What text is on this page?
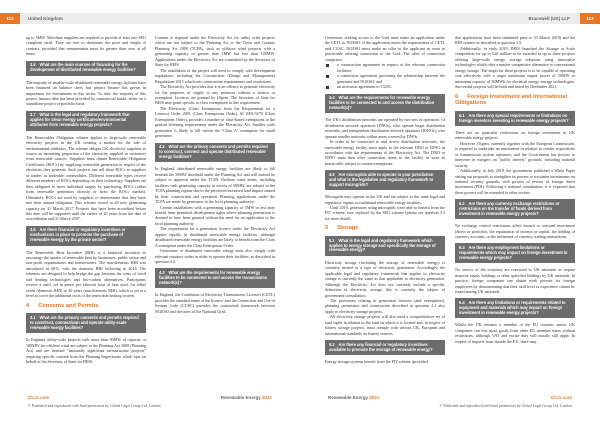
112	United Kingdom	Bracewell (UK) LLP	113

up to 5MW. Merchant suppliers are required to provide at least one SEG compliant tariff. They are free to determine the price and length of contract, provided that remuneration must be greater than zero at all times.

3.6 What are the main sources of financing for the development of distributed renewable energy facilities?

The majority of smaller-scale distributed renewable energy facilities have been financed on balance sheet, but project finance has grown in importance for investments in this sector. To date, the majority of this project finance debt has been provided by commercial banks, either on a standalone project or portfolio basis.

3.7 What is the legal and regulatory framework that applies for clean energy certificates/environmental attributes from renewable energy projects?

The Renewables Obligation scheme applies to large-scale renewable electricity projects in the UK creating a market for the sale of environmental attributes. The scheme obliges UK electricity suppliers to source an increasing proportion of the electricity supplied to customers from renewable sources. Suppliers must obtain Renewable Obligation Certificates (ROCs) by supplying renewable generation in respect of the electricity they generate. Such projects can sell these ROCs to suppliers or traders as tradeable commodities. Different renewable types receive different numbers of ROCs depending on their technology. Suppliers are then obligated to meet individual targets by purchasing ROCs (either from renewable generators directly or from the ROCs market). Ultimately, ROCs are used by suppliers to demonstrate that they have met their annual obligation. This scheme closed to all new generating capacity on 31 March 2017. Projects that have been accredited before this date will be supported until the earlier of 20 years from the date of accreditation and 31 March 2037.

3.8 Are there financial or regulatory incentives or mechanisms in place to promote the purchase of renewable energy by the private sector?

The Renewable Heat Incentive (RHI) is a financial incentive to encourage the uptake of renewable heat by businesses, public sector and non-profit organisations and homeowners. The non-domestic RHI was introduced in 2011, with the domestic RHI following in 2014. The schemes are designed to help bridge the gap between the costs of fossil fuel heating technologies and low-carbon alternatives. Participants receive a tariff, set in pence per kilowatt hour of heat used, for either seven (domestic RHI) or 20 years (non-domestic RHI), which is set at a level to cover the additional costs of the renewable heating system.

4 Consents and Permits
4.1 What are the primary consents and permits required to construct, connect/own and operate utility-scale renewable energy facilities?

In England, utility-scale projects with more than 50MW of capacity or 100MW for offshore wind are subject to the Planning Act 2008 (Planning Act) and are deemed "nationally significant infrastructure projects" requiring specific consent from the Planning Inspectorate which opts on behalf of the Secretary of State for BEIS.

Consent is required under the Electricity Act for utility scale projects which are not subject to the Planning Act or the Town and Country Planning Act 1990 (TCPA), such as offshore wind projects with a generating capacity of greater than 1MW but less than 100MW. Applications under the Electricity Act are considered by the Secretary of State for BEIS.

The installation of the project will need to comply with development regulations, including the Construction (Design and Management) Regulations 2015 which sets construction requirements and restrictions.

The Electricity Act provides that it is an offence to generate electricity for the purposes of supply to any premises without a licence or exemption. Licences are granted by Ofgem. The Secretary of State for BEIS may grant specific or class exemptions to this requirement.

The Electricity (Class Exemptions from the Requirement for a Licence) Order 2001 (Class Exemptions Order), SI 2001/3270 (Class Exemptions Order), provides a number of class-based exemptions to the general licensing requirements under the Electricity Act. Smaller scale generation is likely to fall within the "Class A" exemption for small generators.

4.2 What are the primary consents and permits required to construct, connect and operate distributed renewable energy facilities?

In England, distributed renewable energy facilities are likely to fall beneath the 50MW threshold under the Planning Act and will instead be subject to approval under the TCPA. Onshore wind farms, including facilities with generating capacity in excess of 50MW, are subject to the TCPA planning regime due to the perceived increased land impact caused by their construction and operation. Planning applications under the TCPA are made by generators to the local planning authority.

Certain installations with a generating capacity of 5MW or less may benefit from permitted development rights where planning permission is deemed to have been granted without the need for an application to the local planning authority.

The requirement for a generation licence under the Electricity Act applies equally to distributed renewable energy facilities, although distributed renewable energy facilities are likely to benefit from the Class A exemption under the Class Exemptions Order.

Generators of distributed renewable energy must also comply with relevant statutory codes in order to operate their facilities, as described in question 4.4.

4.3 What are the requirements for renewable energy facilities to be connected to and access the transmission network(s)?

In England, the Conditions of Electricity Transmission Licences (CETL) provides the standard terms of the licence, and the Connection and Use of System Code (CUSC) provides the contractual framework between NGESO and the users of the National Grid.

Generators seeking access to the Grid must make an application under the CETL to NGESO. If the application meets the requirements of CETL and CUSC, NGESO must make an offer to the applicant as soon as practicable offering connection to the Grid. The offer of connection comprises:

a construction agreement in respect of the relevant connection facilities;
a connection agreement governing the relationship between the generator and NGESO; and
an accession agreement to CUSC.
4.4 What are the requirements for renewable energy facilities to be connected to and access the distribution network(s)?

The UK's distribution networks are operated by two sets of operators: 14 distribution network operators (DNOs), who operate larger distribution networks, and independent distribution network operators (IDNOs), who operate smaller networks within areas covered by DNOs.

In order to be connected to and access distribution networks, the renewable energy facility must apply to the relevant DNO or IDNO in accordance with the requirements of the Electricity Act. The DNO or IDNO must then offer connection terms to the facility as soon as practicable, subject to certain exemptions.

4.5 Are microgrids able to operate in your jurisdiction and what is the legislative and regulatory framework to support microgrids?

Microgrids may operate in the UK and are subject to the same legal and regulatory regime as traditional renewable energy facilities.

Until 2019, generators using microgrids were able to benefit from the FIT scheme, now replaced by the SEG scheme (please see question 3.5 for more detail).

5 Storage
5.1 What is the legal and regulatory framework which applies to energy storage and specifically the storage of renewable energy?

Electricity storage (including the storage of renewable energy) is currently treated as a type of electricity generation. Accordingly, the applicable legal and regulatory framework that applies to electricity storage is currently the same as that applicable to electricity generation. Although the Electricity Act does not currently include a specific definition of electricity storage, this is currently the subject of government consultation.

The provisions relating to generation licences (and exemptions), planning permission and construction described at question 4.1 also apply to electricity storage projects.

All electricity storage projects will also need a comprehensive set of land rights in relation to the land on which it is located and, in respect of battery storage projects, must comply with various UK, European and international standards on battery sources.

5.2 Are there any financial or regulatory incentives available to promote the storage of renewable energy?

Energy storage systems benefit from the FIT scheme (provided

that applications have been submitted prior to 31 March 2019) and the RHI scheme as described at question 3.5.

Additionally, in early 2019, BEIS launched the Storage at Scale competition for up to £20 million to be awarded to up to three projects offering large-scale energy storage solutions using innovative technologies which offer a market competitive alternative to conventional energy storage. The target for these projects is to be capable of operating cost effectively with a target maximum output power of 50MW or minimum capacity of 50MWh for electrical energy storage technologies. Successful projects will be built and tested by December 2021.

6 Foreign Investment and International Obligations
6.1 Are there any special requirements or limitations on foreign investors investing in renewable energy projects?

There are no particular restrictions on foreign investment in UK renewable energy projects.

However, Ofgem, currently together with the European Commission, is required to undertake an assessment in relation to certain acquisitions of transmission system operators, and the Government has powers to intervene in mergers on "public interest" grounds, including national security.

Additionally, in July 2018, the government published a White Paper setting out proposals to strengthen its powers to scrutinise investments on national security grounds, with powers of review of foreign direct investment (FDI). Following a national consultation, it is expected that these powers will be extended to other sectors.

6.2 Are there any currency exchange restrictions or restrictions on the transfer of funds derived from investment in renewable energy projects?

No exchange control restrictions affect inward or outward investment (direct or portfolio), the repatriation of income or capital, the holding of currency accounts, or the settlement of currency trading transactions.

6.3 Are there any employment limitations or requirements which may impact on foreign investment in renewable energy projects?

No sectors of the economy are restricted to UK nationals or require majority equity holdings or other specified holdings by UK nationals. In practice, foreign companies can obtain work permits for foreign employees by demonstrating that their skill level or experience cannot be found among UK nationals.

6.4 Are there any limitations or requirements related to equipment and materials which may impact on foreign investment in renewable energy projects?

Whilst the UK remains a member of the EU customs union, UK companies can buy most goods from other EU member states without restrictions, although VAT and excise duty will usually still apply. In respect of imports from outside the EU, there may

ICLG.com	Renewable Energy 2021
© Published and reproduced with kind permission by Global Legal Group Ltd, London
Renewable Energy 2021	ICLG.com
© Published and reproduced with kind permission by Global Legal Group Ltd, London
